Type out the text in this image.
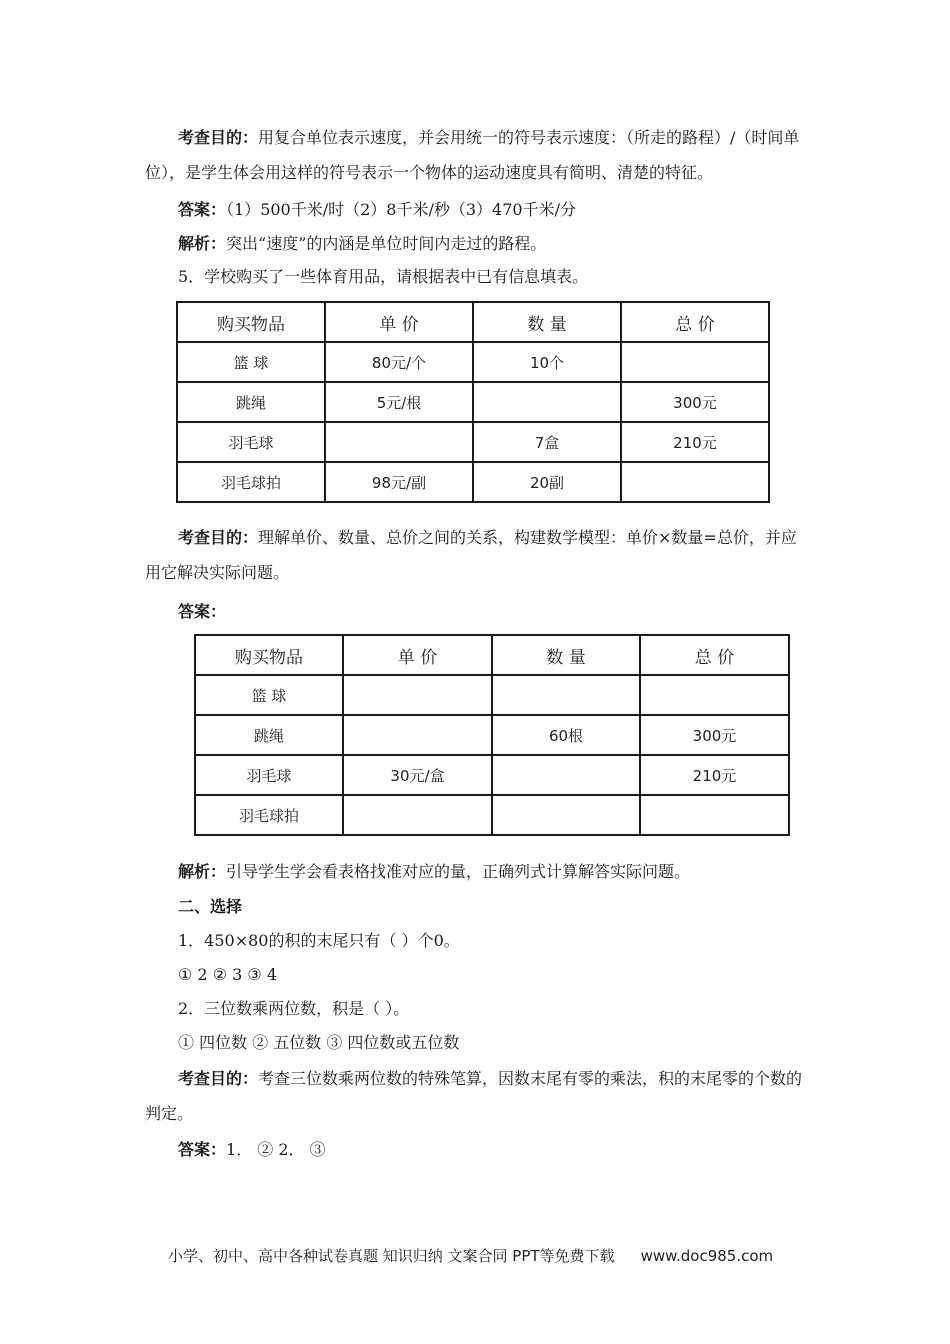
考查目的：用复合单位表示速度，并会用统一的符号表示速度：（所走的路程）/（时间单位），是学生体会用这样的符号表示一个物体的运动速度具有简明、清楚的特征。

答案：（1）500千米/时（2）8千米/秒（3）470千米/分

解析：突出“速度”的内涵是单位时间内走过的路程。

5．学校购买了一些体育用品，请根据表中已有信息填表。

购买物品	单 价	数 量	总 价
篮 球	80元/个	10个	
跳绳	5元/根		300元
羽毛球		7盒	210元
羽毛球拍	98元/副	20副	

考查目的：理解单价、数量、总价之间的关系，构建数学模型：单价×数量=总价，并应用它解决实际问题。

答案：

购买物品	单 价	数 量	总 价
篮 球			
跳绳		60根	300元
羽毛球	30元/盒		210元
羽毛球拍			

解析：引导学生学会看表格找准对应的量，正确列式计算解答实际问题。

二、选择

1．450×80的积的末尾只有（ ）个0。

① 2 ② 3 ③ 4

2．三位数乘两位数，积是（ ）。

① 四位数 ② 五位数 ③ 四位数或五位数

考查目的：考查三位数乘两位数的特殊笔算，因数末尾有零的乘法，积的末尾零的个数的判定。

答案：1． ② 2． ③

小学、初中、高中各种试卷真题 知识归纳 文案合同 PPT等免费下载 www.doc985.com
